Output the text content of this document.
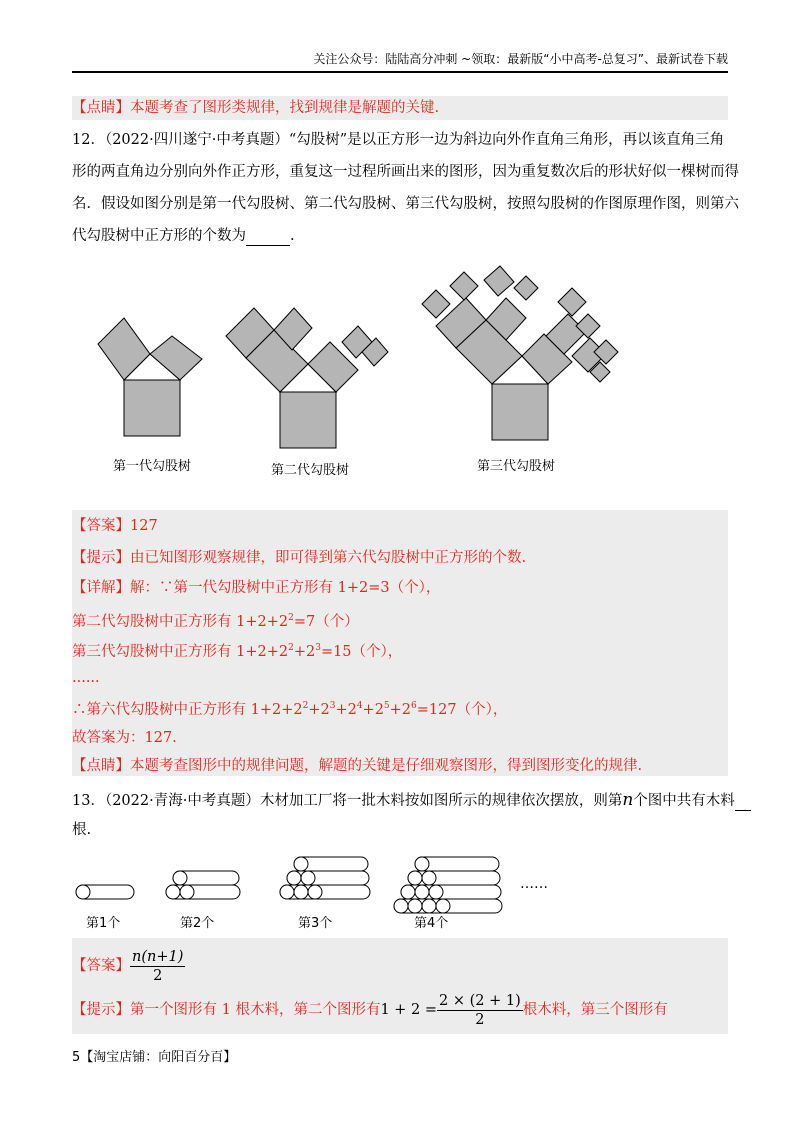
关注公众号：陆陆高分冲刺 ~领取：最新版“小中高考-总复习”、最新试卷下载
【点睛】本题考查了图形类规律，找到规律是解题的关键.
12．（2022·四川遂宁·中考真题）“勾股树”是以正方形一边为斜边向外作直角三角形，再以该直角三角
形的两直角边分别向外作正方形，重复这一过程所画出来的图形，因为重复数次后的形状好似一棵树而得
名．假设如图分别是第一代勾股树、第二代勾股树、第三代勾股树，按照勾股树的作图原理作图，则第六
代勾股树中正方形的个数为	.
第一代勾股树	第二代勾股树	第三代勾股树
【答案】127
【提示】由已知图形观察规律，即可得到第六代勾股树中正方形的个数.
【详解】解：∵第一代勾股树中正方形有 1+2=3（个），
第二代勾股树中正方形有 $1+2+2^2=7$（个）
第三代勾股树中正方形有 $1+2+2^2+2^3=15$（个），
......
∴第六代勾股树中正方形有 $1+2+2^2+2^3+2^4+2^5+2^6=127$（个），
故答案为：127.
【点睛】本题考查图形中的规律问题，解题的关键是仔细观察图形，得到图形变化的规律.
13．（2022·青海·中考真题）木材加工厂将一批木料按如图所示的规律依次摆放，则第n个图中共有木料
根.
……
第1个	第2个	第3个	第4个
【答案】 $\frac{n(n+1)}{2}$
【提示】第一个图形有 1 根木料，第二个图形有$1 + 2 = \frac{2 \times (2 + 1)}{2}$ 根木料，第三个图形有
5【淘宝店铺：向阳百分百】
